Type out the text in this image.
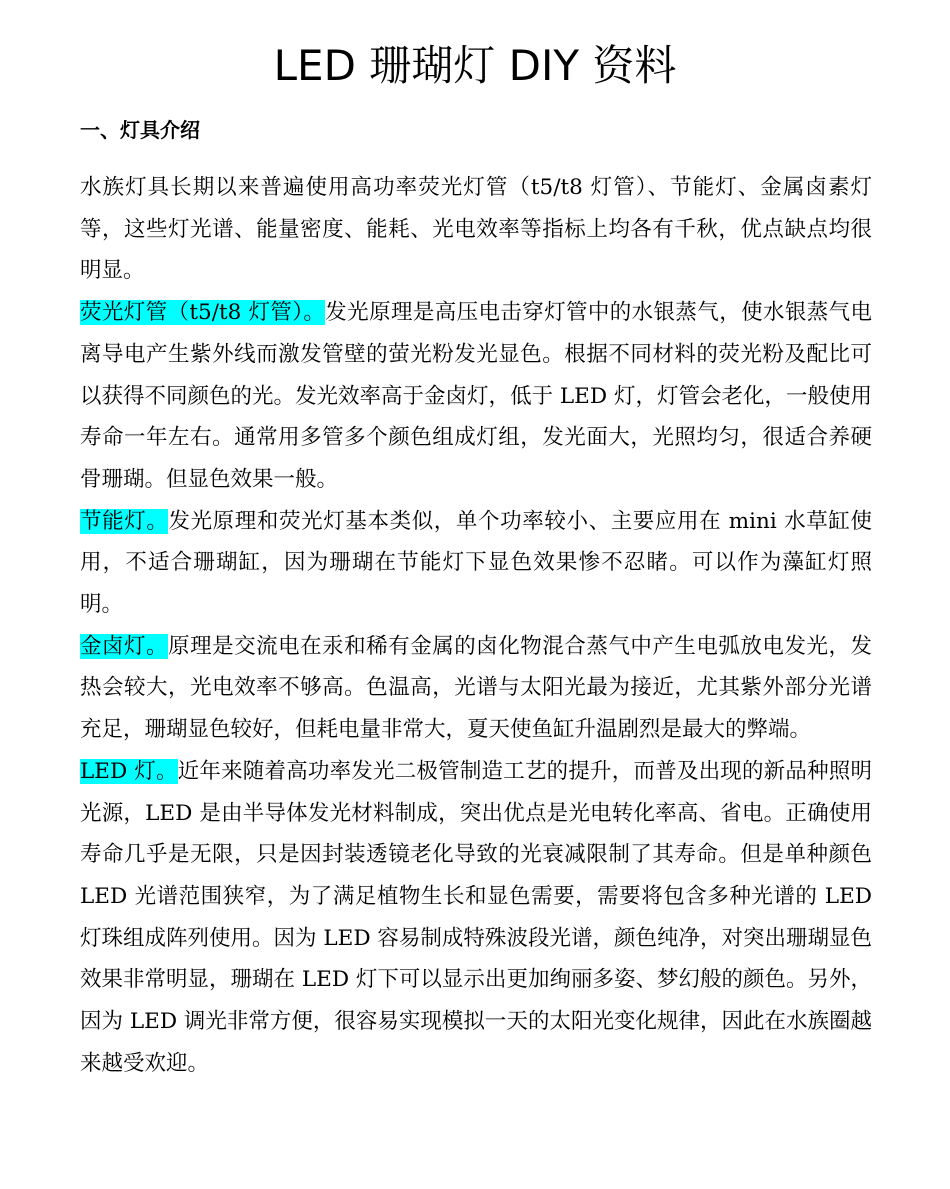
LED 珊瑚灯 DIY 资料
一、灯具介绍

水族灯具长期以来普遍使用高功率荧光灯管（t5/t8 灯管）、节能灯、金属卤素灯等，这些灯光谱、能量密度、能耗、光电效率等指标上均各有千秋，优点缺点均很明显。

荧光灯管（t5/t8 灯管）。发光原理是高压电击穿灯管中的水银蒸气，使水银蒸气电离导电产生紫外线而激发管壁的萤光粉发光显色。根据不同材料的荧光粉及配比可以获得不同颜色的光。发光效率高于金卤灯，低于 LED 灯，灯管会老化，一般使用寿命一年左右。通常用多管多个颜色组成灯组，发光面大，光照均匀，很适合养硬骨珊瑚。但显色效果一般。

节能灯。发光原理和荧光灯基本类似，单个功率较小、主要应用在 mini 水草缸使用，不适合珊瑚缸，因为珊瑚在节能灯下显色效果惨不忍睹。可以作为藻缸灯照明。

金卤灯。原理是交流电在汞和稀有金属的卤化物混合蒸气中产生电弧放电发光，发热会较大，光电效率不够高。色温高，光谱与太阳光最为接近，尤其紫外部分光谱充足，珊瑚显色较好，但耗电量非常大，夏天使鱼缸升温剧烈是最大的弊端。

LED 灯。近年来随着高功率发光二极管制造工艺的提升，而普及出现的新品种照明光源，LED 是由半导体发光材料制成，突出优点是光电转化率高、省电。正确使用寿命几乎是无限，只是因封装透镜老化导致的光衰减限制了其寿命。但是单种颜色 LED 光谱范围狭窄，为了满足植物生长和显色需要，需要将包含多种光谱的 LED 灯珠组成阵列使用。因为 LED 容易制成特殊波段光谱，颜色纯净，对突出珊瑚显色效果非常明显，珊瑚在 LED 灯下可以显示出更加绚丽多姿、梦幻般的颜色。另外，因为 LED 调光非常方便，很容易实现模拟一天的太阳光变化规律，因此在水族圈越来越受欢迎。
